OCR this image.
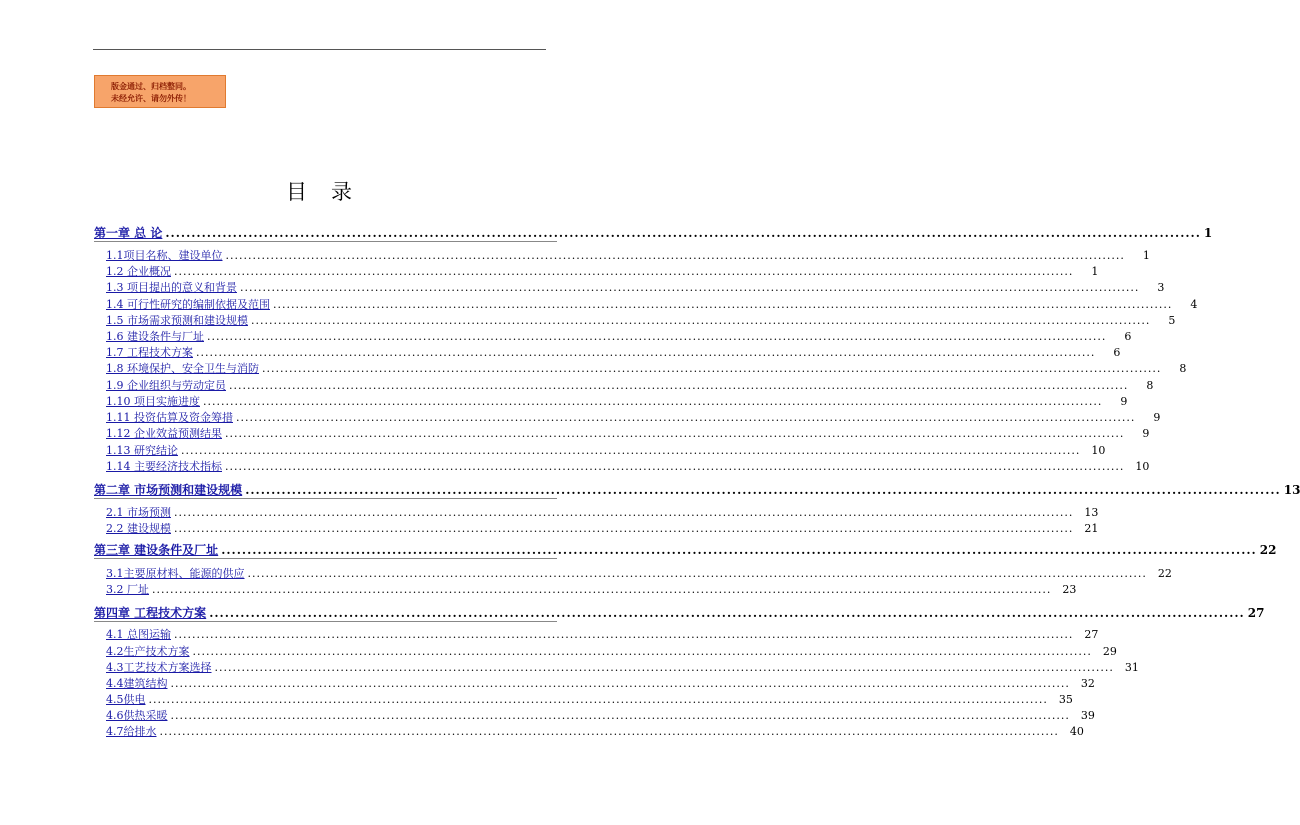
版金通过、归档整同。
未经允许、请勿外传！
目录
第一章 总 论 ........................................................................................................................................................................................................ 1
1.1项目名称、建设单位 ........................................................................................................................................................................................................	1
1.2 企业概况 ........................................................................................................................................................................................................	1
1.3 项目提出的意义和背景 ........................................................................................................................................................................................................	3
1.4 可行性研究的编制依据及范围 ........................................................................................................................................................................................................	4
1.5 市场需求预测和建设规模 ........................................................................................................................................................................................................	5
1.6 建设条件与厂址 ........................................................................................................................................................................................................	6
1.7 工程技术方案 ........................................................................................................................................................................................................	6
1.8 环境保护、安全卫生与消防 ........................................................................................................................................................................................................	8
1.9 企业组织与劳动定员 ........................................................................................................................................................................................................	8
1.10 项目实施进度 ........................................................................................................................................................................................................	9
1.11 投资估算及资金筹措 ........................................................................................................................................................................................................	9
1.12 企业效益预测结果 ........................................................................................................................................................................................................	9
1.13 研究结论 ........................................................................................................................................................................................................	10
1.14 主要经济技术指标 ........................................................................................................................................................................................................	10
第二章 市场预测和建设规模 ........................................................................................................................................................................................................ 13
2.1 市场预测 ........................................................................................................................................................................................................	13
2.2 建设规模 ........................................................................................................................................................................................................	21
第三章 建设条件及厂址 ........................................................................................................................................................................................................ 22
3.1主要原材料、能源的供应 ........................................................................................................................................................................................................	22
3.2 厂址 ........................................................................................................................................................................................................	23
第四章 工程技术方案 ........................................................................................................................................................................................................ 27
4.1 总图运输 ........................................................................................................................................................................................................	27
4.2生产技术方案 ........................................................................................................................................................................................................	29
4.3工艺技术方案选择 ........................................................................................................................................................................................................	31
4.4建筑结构 ........................................................................................................................................................................................................	32
4.5供电 ........................................................................................................................................................................................................	35
4.6供热采暖 ........................................................................................................................................................................................................	39
4.7给排水 ........................................................................................................................................................................................................	40
